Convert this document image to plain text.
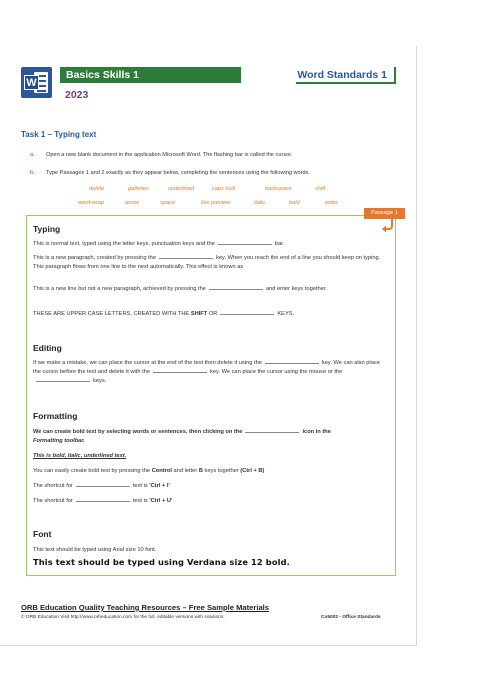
W
Basics Skills 1
2023
Word Standards 1
Task 1 – Typing text
a. Open a new blank document in the application Microsoft Word. The flashing bar is called the cursor.
b. Type Passages 1 and 2 exactly as they appear below, completing the sentences using the following words.
delete	galleries	underlined	caps lock	backspace	shift
word-wrap	arrow	space	live preview	italic	bold	enter
Passage 1
Typing
This is normal text, typed using the letter keys, punctuation keys and the	bar.
This is a new paragraph, created by pressing the	key. When you reach the end of a line you should keep on typing. This paragraph flows from one line to the next automatically. This effect is known as
This is a new line but not a new paragraph, achieved by pressing the	and enter keys together.
THESE ARE UPPER CASE LETTERS, CREATED WITH THE SHIFT OR	KEYS.
Editing
If we make a mistake, we can place the cursor at the end of the text then delete it using the	key. We can also place the cursor before the text and delete it with the	key. We can place the cursor using the mouse or thekeys.
Formatting
We can create bold text by selecting words or sentences, then clicking on the	icon in the
Formatting toolbar.
This is bold, italic, underlined text.
You can easily create bold text by pressing the Control and letter B keys together (Ctrl + B)
The shortcut for	text is 'Ctrl + I'
The shortcut for	text is 'Ctrl + U'
Font
This text should be typed using Arial size 10 font.
This text should be typed using Verdana size 12 bold.
ORB Education Quality Teaching Resources – Free Sample Materials
© ORB Education Visit http://www.orbeducation.com for the full, editable versions with solutions.	Co5002 - Office Standards
